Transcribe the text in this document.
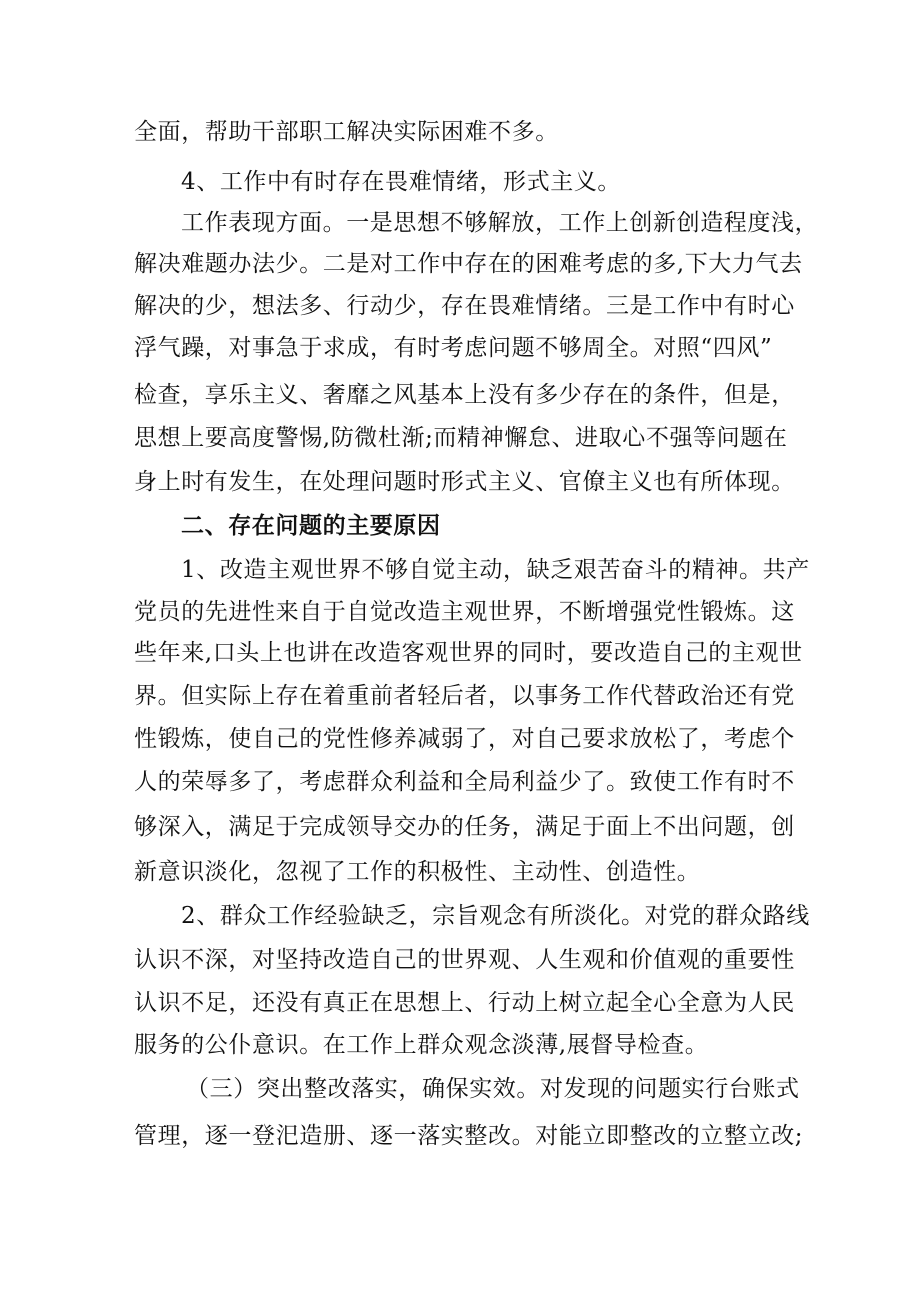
全面，帮助干部职工解决实际困难不多。
4、工作中有时存在畏难情绪，形式主义。
工作表现方面。一是思想不够解放，工作上创新创造程度浅，
解决难题办法少。二是对工作中存在的困难考虑的多,下大力气去
解决的少，想法多、行动少，存在畏难情绪。三是工作中有时心
浮气躁，对事急于求成，有时考虑问题不够周全。对照“四风”
检查，享乐主义、奢靡之风基本上没有多少存在的条件，但是，
思想上要高度警惕,防微杜渐;而精神懈怠、进取心不强等问题在
身上时有发生，在处理问题时形式主义、官僚主义也有所体现。
二、存在问题的主要原因
1、改造主观世界不够自觉主动，缺乏艰苦奋斗的精神。共产
党员的先进性来自于自觉改造主观世界，不断增强党性锻炼。这
些年来,口头上也讲在改造客观世界的同时，要改造自己的主观世
界。但实际上存在着重前者轻后者，以事务工作代替政治还有党
性锻炼，使自己的党性修养减弱了，对自己要求放松了，考虑个
人的荣辱多了，考虑群众利益和全局利益少了。致使工作有时不
够深入，满足于完成领导交办的任务，满足于面上不出问题，创
新意识淡化，忽视了工作的积极性、主动性、创造性。
2、群众工作经验缺乏，宗旨观念有所淡化。对党的群众路线
认识不深，对坚持改造自己的世界观、人生观和价值观的重要性
认识不足，还没有真正在思想上、行动上树立起全心全意为人民
服务的公仆意识。在工作上群众观念淡薄,展督导检查。
（三）突出整改落实，确保实效。对发现的问题实行台账式
管理，逐一登汜造册、逐一落实整改。对能立即整改的立整立改;
